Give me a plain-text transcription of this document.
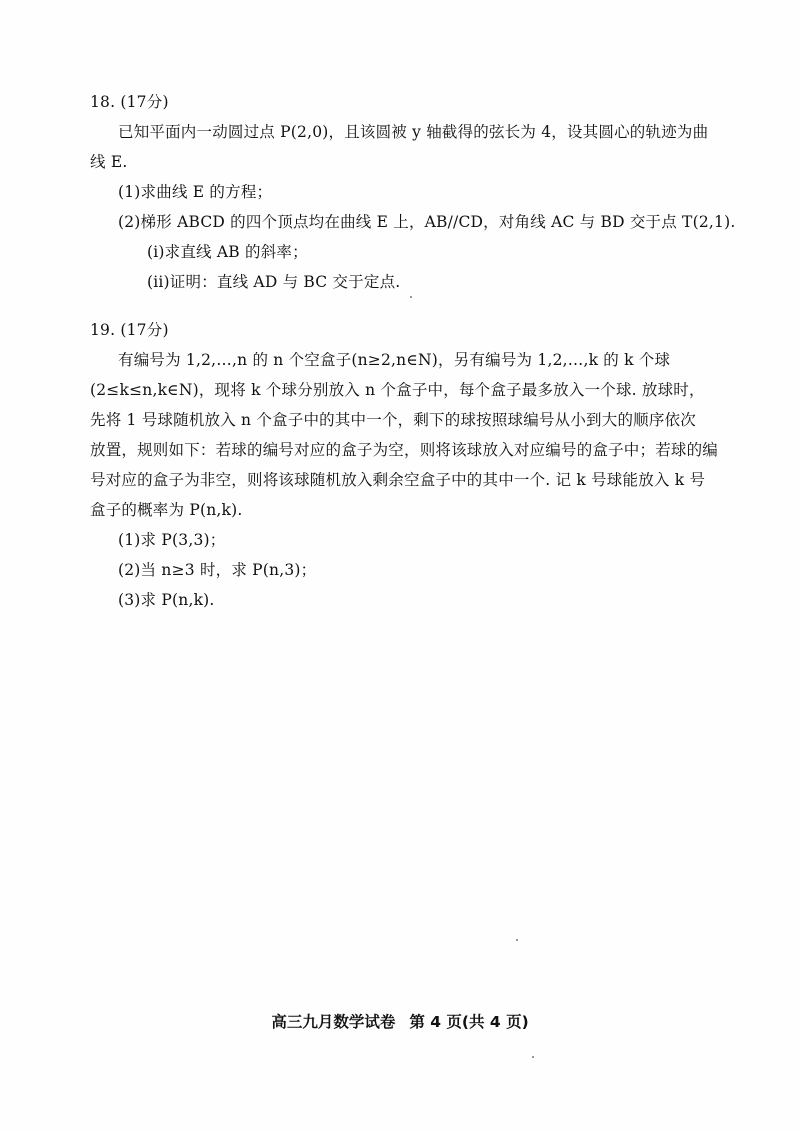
18. (17分)
已知平面内一动圆过点 P(2,0)，且该圆被 y 轴截得的弦长为 4，设其圆心的轨迹为曲
线 E.
(1)求曲线 E 的方程；
(2)梯形 ABCD 的四个顶点均在曲线 E 上，AB//CD，对角线 AC 与 BD 交于点 T(2,1).
(i)求直线 AB 的斜率；
(ii)证明：直线 AD 与 BC 交于定点.
19. (17分)
有编号为 1,2,…,n 的 n 个空盒子(n≥2,n∈N)，另有编号为 1,2,…,k 的 k 个球
(2≤k≤n,k∈N)，现将 k 个球分别放入 n 个盒子中，每个盒子最多放入一个球. 放球时，
先将 1 号球随机放入 n 个盒子中的其中一个，剩下的球按照球编号从小到大的顺序依次
放置，规则如下：若球的编号对应的盒子为空，则将该球放入对应编号的盒子中；若球的编
号对应的盒子为非空，则将该球随机放入剩余空盒子中的其中一个. 记 k 号球能放入 k 号
盒子的概率为 P(n,k).
(1)求 P(3,3)；
(2)当 n≥3 时，求 P(n,3)；
(3)求 P(n,k).
高三九月数学试卷 第 4 页(共 4 页)
